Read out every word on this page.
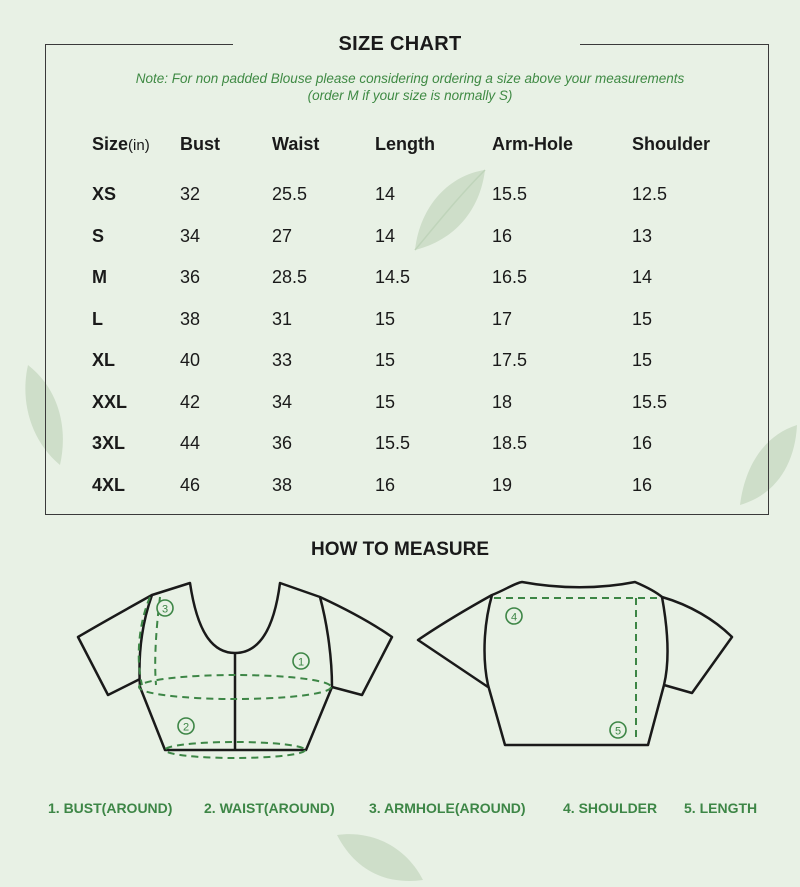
SIZE CHART
Note: For non padded Blouse please considering ordering a size above your measurements
(order M if your size is normally S)
Size(in) Bust	Waist	Length	Arm-Hole	Shoulder
XS	32	25.5	14	15.5	12.5
S	34	27	14	16	13
M	36	28.5	14.5	16.5	14
L	38	31	15	17	15
XL	40	33	15	17.5	15
XXL	42	34	15	18	15.5
3XL	44	36	15.5	18.5	16
4XL	46	38	16	19	16
HOW TO MEASURE
3
1
2
4
5
1. BUST(AROUND) 2. WAIST(AROUND) 3. ARMHOLE(AROUND)	4. SHOULDER 5. LENGTH
